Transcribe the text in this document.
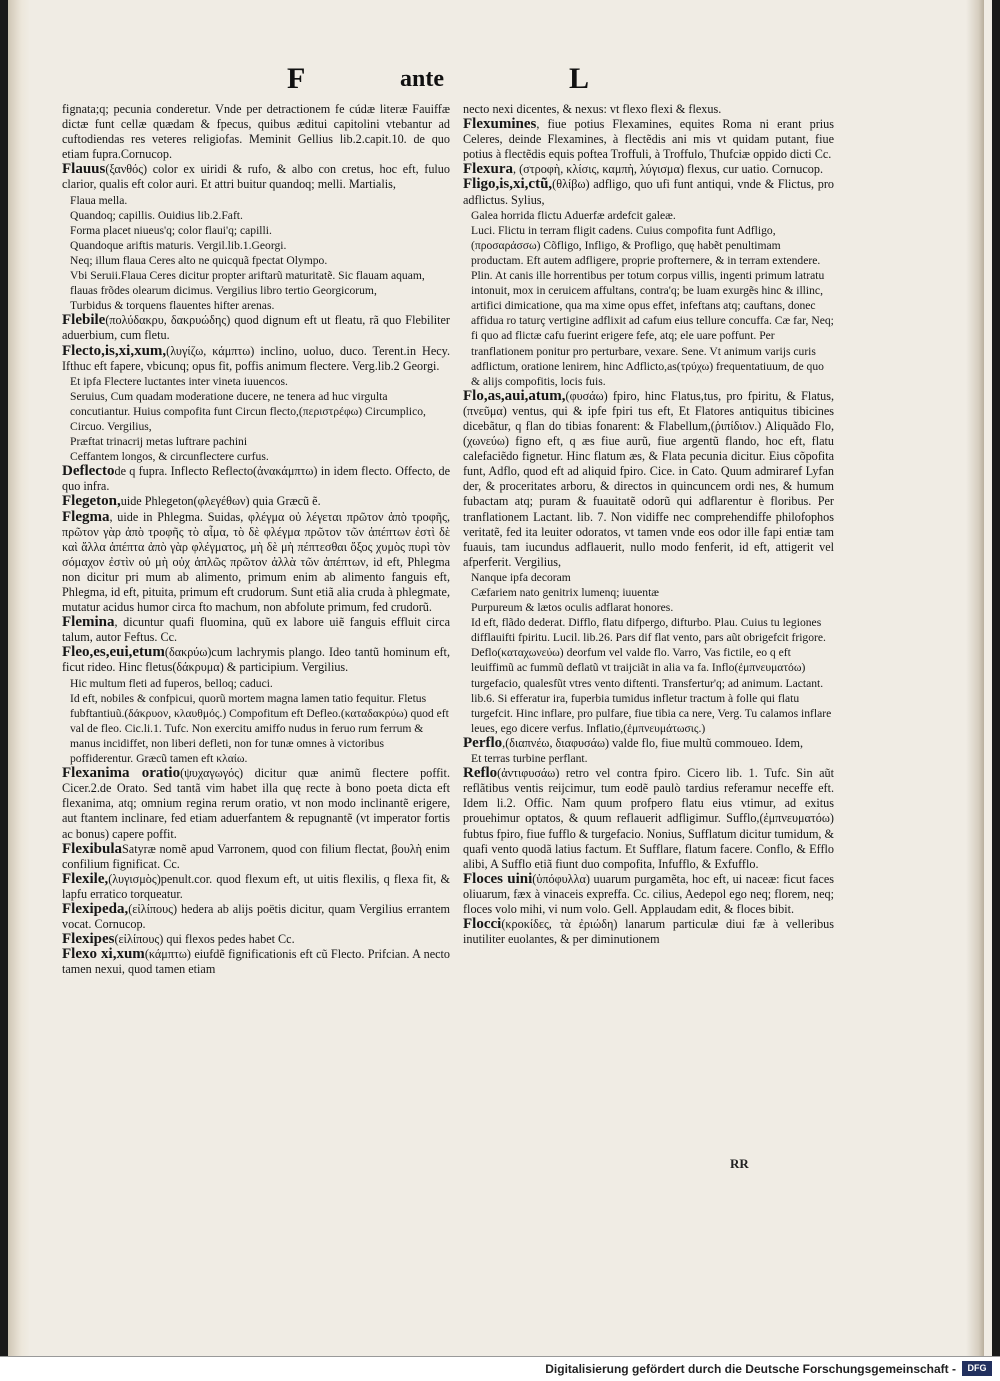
F	ante	L
fignata;q; pecunia conderetur. Vnde per detractionem fe cúdæ literæ Fauiffæ dictæ funt cellæ quædam & fpecus, quibus æditui capitolini vtebantur ad cuftodiendas res veteres religiofas. Meminit Gellius lib.2.capit.10. de quo etiam fupra.Cornucop.
Flauus(ξανθός) color ex uiridi & rufo, & albo con cretus, hoc eft, fuluo clarior, qualis eft color auri. Et attri buitur quandoq; melli. Martialis,
Flaua mella.
Quandoq; capillis. Ouidius lib.2.Faft.
Forma placet niueus'q; color flaui'q; capilli.
Quandoque ariftis maturis. Vergil.lib.1.Georgi.
Neq; illum flaua Ceres alto ne quicquã fpectat Olympo.
Vbi Seruii.Flaua Ceres dicitur propter ariftarũ maturitatẽ. Sic flauam aquam, flauas frõdes olearum dicimus. Vergilius libro tertio Georgicorum,
Turbidus & torquens flauentes hifter arenas.
Flebile(πολύδακρυ, δακρυώδης) quod dignum eft ut fleatu, rã quo Flebiliter aduerbium, cum fletu.
Flecto,is,xi,xum,(λυγίζω, κάμπτω) inclino, uoluo, duco. Terent.in Hecy. Ifthuc eft fapere, vbicunq; opus fit, poffis animum flectere. Verg.lib.2 Georgi.
Et ipfa Flectere luctantes inter vineta iuuencos.
Seruius, Cum quadam moderatione ducere, ne tenera ad huc virgulta concutiantur. Huius compofita funt Circun flecto,(περιστρέφω) Circumplico, Circuo. Vergilius,
Præftat trinacrij metas luftrare pachini
Ceffantem longos, & circunflectere curfus.
Deflectode q fupra. Inflecto Reflecto(ἀνακάμπτω) in idem flecto. Offecto, de quo infra.
Flegeton,uide Phlegeton(φλεγέθων) quia Græcũ ẽ.
Flegma, uide in Phlegma. Suidas, φλέγμα οὐ λέγεται πρῶτον ἀπὸ τροφῆς, πρῶτον γὰρ ἀπὸ τροφῆς τὸ αἷμα, τὸ δὲ φλέγμα πρῶτον τῶν ἀπέπτων ἐστὶ δὲ καὶ ἄλλα ἀπέπτα ἀπὸ γὰρ φλέγματος, μὴ δὲ μὴ πέπτεσθαι ὄξος χυμὸς πυρὶ τὸν σόμαχον ἐστὶν οὐ μὴ οὐχ ἁπλῶς πρῶτον ἀλλὰ τῶν ἀπέπτων, id eft, Phlegma non dicitur pri mum ab alimento, primum enim ab alimento fanguis eft, Phlegma, id eft, pituita, primum eft crudorum. Sunt etiã alia cruda à phlegmate, mutatur acidus humor circa fto machum, non abfolute primum, fed crudorũ.
Flemina, dicuntur quafi fluomina, quũ ex labore uiẽ fanguis effluit circa talum, autor Feftus. Cc.
Fleo,es,eui,etum(δακρύω)cum lachrymis plango. Ideo tantũ hominum eft, ficut rideo. Hinc fletus(δάκρυμα) & participium. Vergilius.
Hic multum fleti ad fuperos, belloq; caduci.
Id eft, nobiles & confpicui, quorũ mortem magna lamen tatio fequitur. Fletus fubftantiuũ.(δάκρυον, κλαυθμός.) Compofitum eft Defleo.(καταδακρύω) quod eft val de fleo. Cic.li.1. Tufc. Non exercitu amiffo nudus in feruo rum ferrum & manus incidiffet, non liberi defleti, non for tunæ omnes à victoribus poffiderentur. Græcũ tamen eft κλαίω.
Flexanima oratio(ψυχαγωγός) dicitur quæ animũ flectere poffit. Cicer.2.de Orato. Sed tantã vim habet illa quę recte à bono poeta dicta eft flexanima, atq; omnium regina rerum oratio, vt non modo inclinantẽ erigere, aut ftantem inclinare, fed etiam aduerfantem & repugnantẽ (vt imperator fortis ac bonus) capere poffit.
FlexibulaSatyræ nomẽ apud Varronem, quod con filium flectat, βουλὴ enim confilium fignificat. Cc.
Flexile,(λυγισμὸς)penult.cor. quod flexum eft, ut uitis flexilis, q flexa fit, & lapfu erratico torqueatur.
Flexipeda,(εἰλίπους) hedera ab alijs poëtis dicitur, quam Vergilius errantem vocat. Cornucop.
Flexipes(εἰλίπους) qui flexos pedes habet Cc.
Flexo xi,xum(κάμπτω) eiufdẽ fignificationis eft cũ Flecto. Prifcian. A necto tamen nexui, quod tamen etiam
necto nexi dicentes, & nexus: vt flexo flexi & flexus.
Flexumines, fiue potius Flexamines, equites Roma ni erant prius Celeres, deinde Flexamines, à flectẽdis ani mis vt quidam putant, fiue potius à flectẽdis equis poftea Troffuli, à Troffulo, Thufciæ oppido dicti Cc.
Flexura, (στροφὴ, κλίσις, καμπὴ, λύγισμα) flexus, cur uatio. Cornucop.
Fligo,is,xi,ctũ,(θλίβω) adfligo, quo ufi funt antiqui, vnde & Flictus, pro adflictus. Sylius,
Galea horrida flictu Aduerfæ ardefcit galeæ.
Luci. Flictu in terram fligit cadens. Cuius compofita funt Adfligo,(προσαράσσω) Cõfligo, Infligo, & Profligo, quę habẽt penultimam productam. Eft autem adfligere, proprie profternere, & in terram extendere. Plin. At canis ille horrentibus per totum corpus villis, ingenti primum latratu intonuit, mox in ceruicem affultans, contra'q; be luam exurgẽs hinc & illinc, artifici dimicatione, qua ma xime opus effet, infeftans atq; cauftans, donec affidua ro taturç vertigine adflixit ad cafum eius tellure concuffa. Cæ far, Neq; fi quo ad flictæ cafu fuerint erigere fefe, atq; ele uare poffunt. Per tranflationem ponitur pro perturbare, vexare. Sene. Vt animum varijs curis adflictum, oratione lenirem, hinc Adflicto,as(τρύχω) frequentatiuum, de quo & alijs compofitis, locis fuis.
Flo,as,aui,atum,(φυσάω) fpiro, hinc Flatus,tus, pro fpiritu, & Flatus,(πνεῦμα) ventus, qui & ipfe fpiri tus eft, Et Flatores antiquitus tibicines dicebãtur, q flan do tibias fonarent: & Flabellum,(ῥιπίδιον.) Aliquãdo Flo,(χωνεύω) figno eft, q æs fiue aurũ, fiue argentũ flando, hoc eft, flatu calefaciẽdo fignetur. Hinc flatum æs, & Flata pecunia dicitur. Eius cõpofita funt, Adflo, quod eft ad aliquid fpiro. Cice. in Cato. Quum admiraref Lyfan der, & proceritates arboru, & directos in quincuncem ordi nes, & humum fubactam atq; puram & fuauitatẽ odorũ qui adflarentur è floribus. Per tranflationem Lactant. lib. 7. Non vidiffe nec comprehendiffe philofophos veritatẽ, fed ita leuiter odoratos, vt tamen vnde eos odor ille fapi entiæ tam fuauis, tam iucundus adflauerit, nullo modo fenferit, id eft, attigerit vel afperferit. Vergilius,
Nanque ipfa decoram
Cæfariem nato genitrix lumenq; iuuentæ
Purpureum & lætos oculis adflarat honores.
Id eft, flãdo dederat. Difflo, flatu difpergo, difturbo. Plau. Cuius tu legiones difflauifti fpiritu. Lucil. lib.26. Pars dif flat vento, pars aũt obrigefcit frigore. Deflo(καταχωνεύω) deorfum vel valde flo. Varro, Vas fictile, eo q eft leuiffimũ ac fummũ deflatũ vt traijciãt in alia va fa. Inflo(ἐμπνευματόω) turgefacio, qualesfũt vtres vento diftenti. Transfertur'q; ad animum. Lactant. lib.6. Si efferatur ira, fuperbia tumidus infletur tractum à folle qui flatu turgefcit. Hinc inflare, pro pulfare, fiue tibia ca nere, Verg. Tu calamos inflare leues, ego dicere verfus. Inflatio,(ἐμπνευμάτωσις.)
Perflo,(διαπνέω, διαφυσάω) valde flo, fiue multũ commoueo. Idem,
Et terras turbine perflant.
Reflo(ἀντιφυσάω) retro vel contra fpiro. Cicero lib. 1. Tufc. Sin aũt reflãtibus ventis reijcimur, tum eodẽ paulò tardius referamur neceffe eft. Idem li.2. Offic. Nam quum profpero flatu eius vtimur, ad exitus prouehimur optatos, & quum reflauerit adfligimur. Sufflo,(ἐμπνευματόω) fubtus fpiro, fiue fufflo & turgefacio. Nonius, Sufflatum dicitur tumidum, & quafi vento quodã latius factum. Et Sufflare, flatum facere. Conflo, & Efflo alibi, A Sufflo etiã fiunt duo compofita, Infufflo, & Exfufflo.
Floces uini(ὑπόφυλλα) uuarum purgamẽta, hoc eft, ui naceæ: ficut faces oliuarum, fæx à vinaceis expreffa. Cc. cilius, Aedepol ego neq; florem, neq; floces volo mihi, vi num volo. Gell. Applaudam edit, & floces bibit.
Flocci(κροκίδες, τὰ ἐριώδη) lanarum particulæ diui fæ à velleribus inutiliter euolantes, & per diminutionem
RR
Digitalisierung gefördert durch die Deutsche Forschungsgemeinschaft -	DFG
